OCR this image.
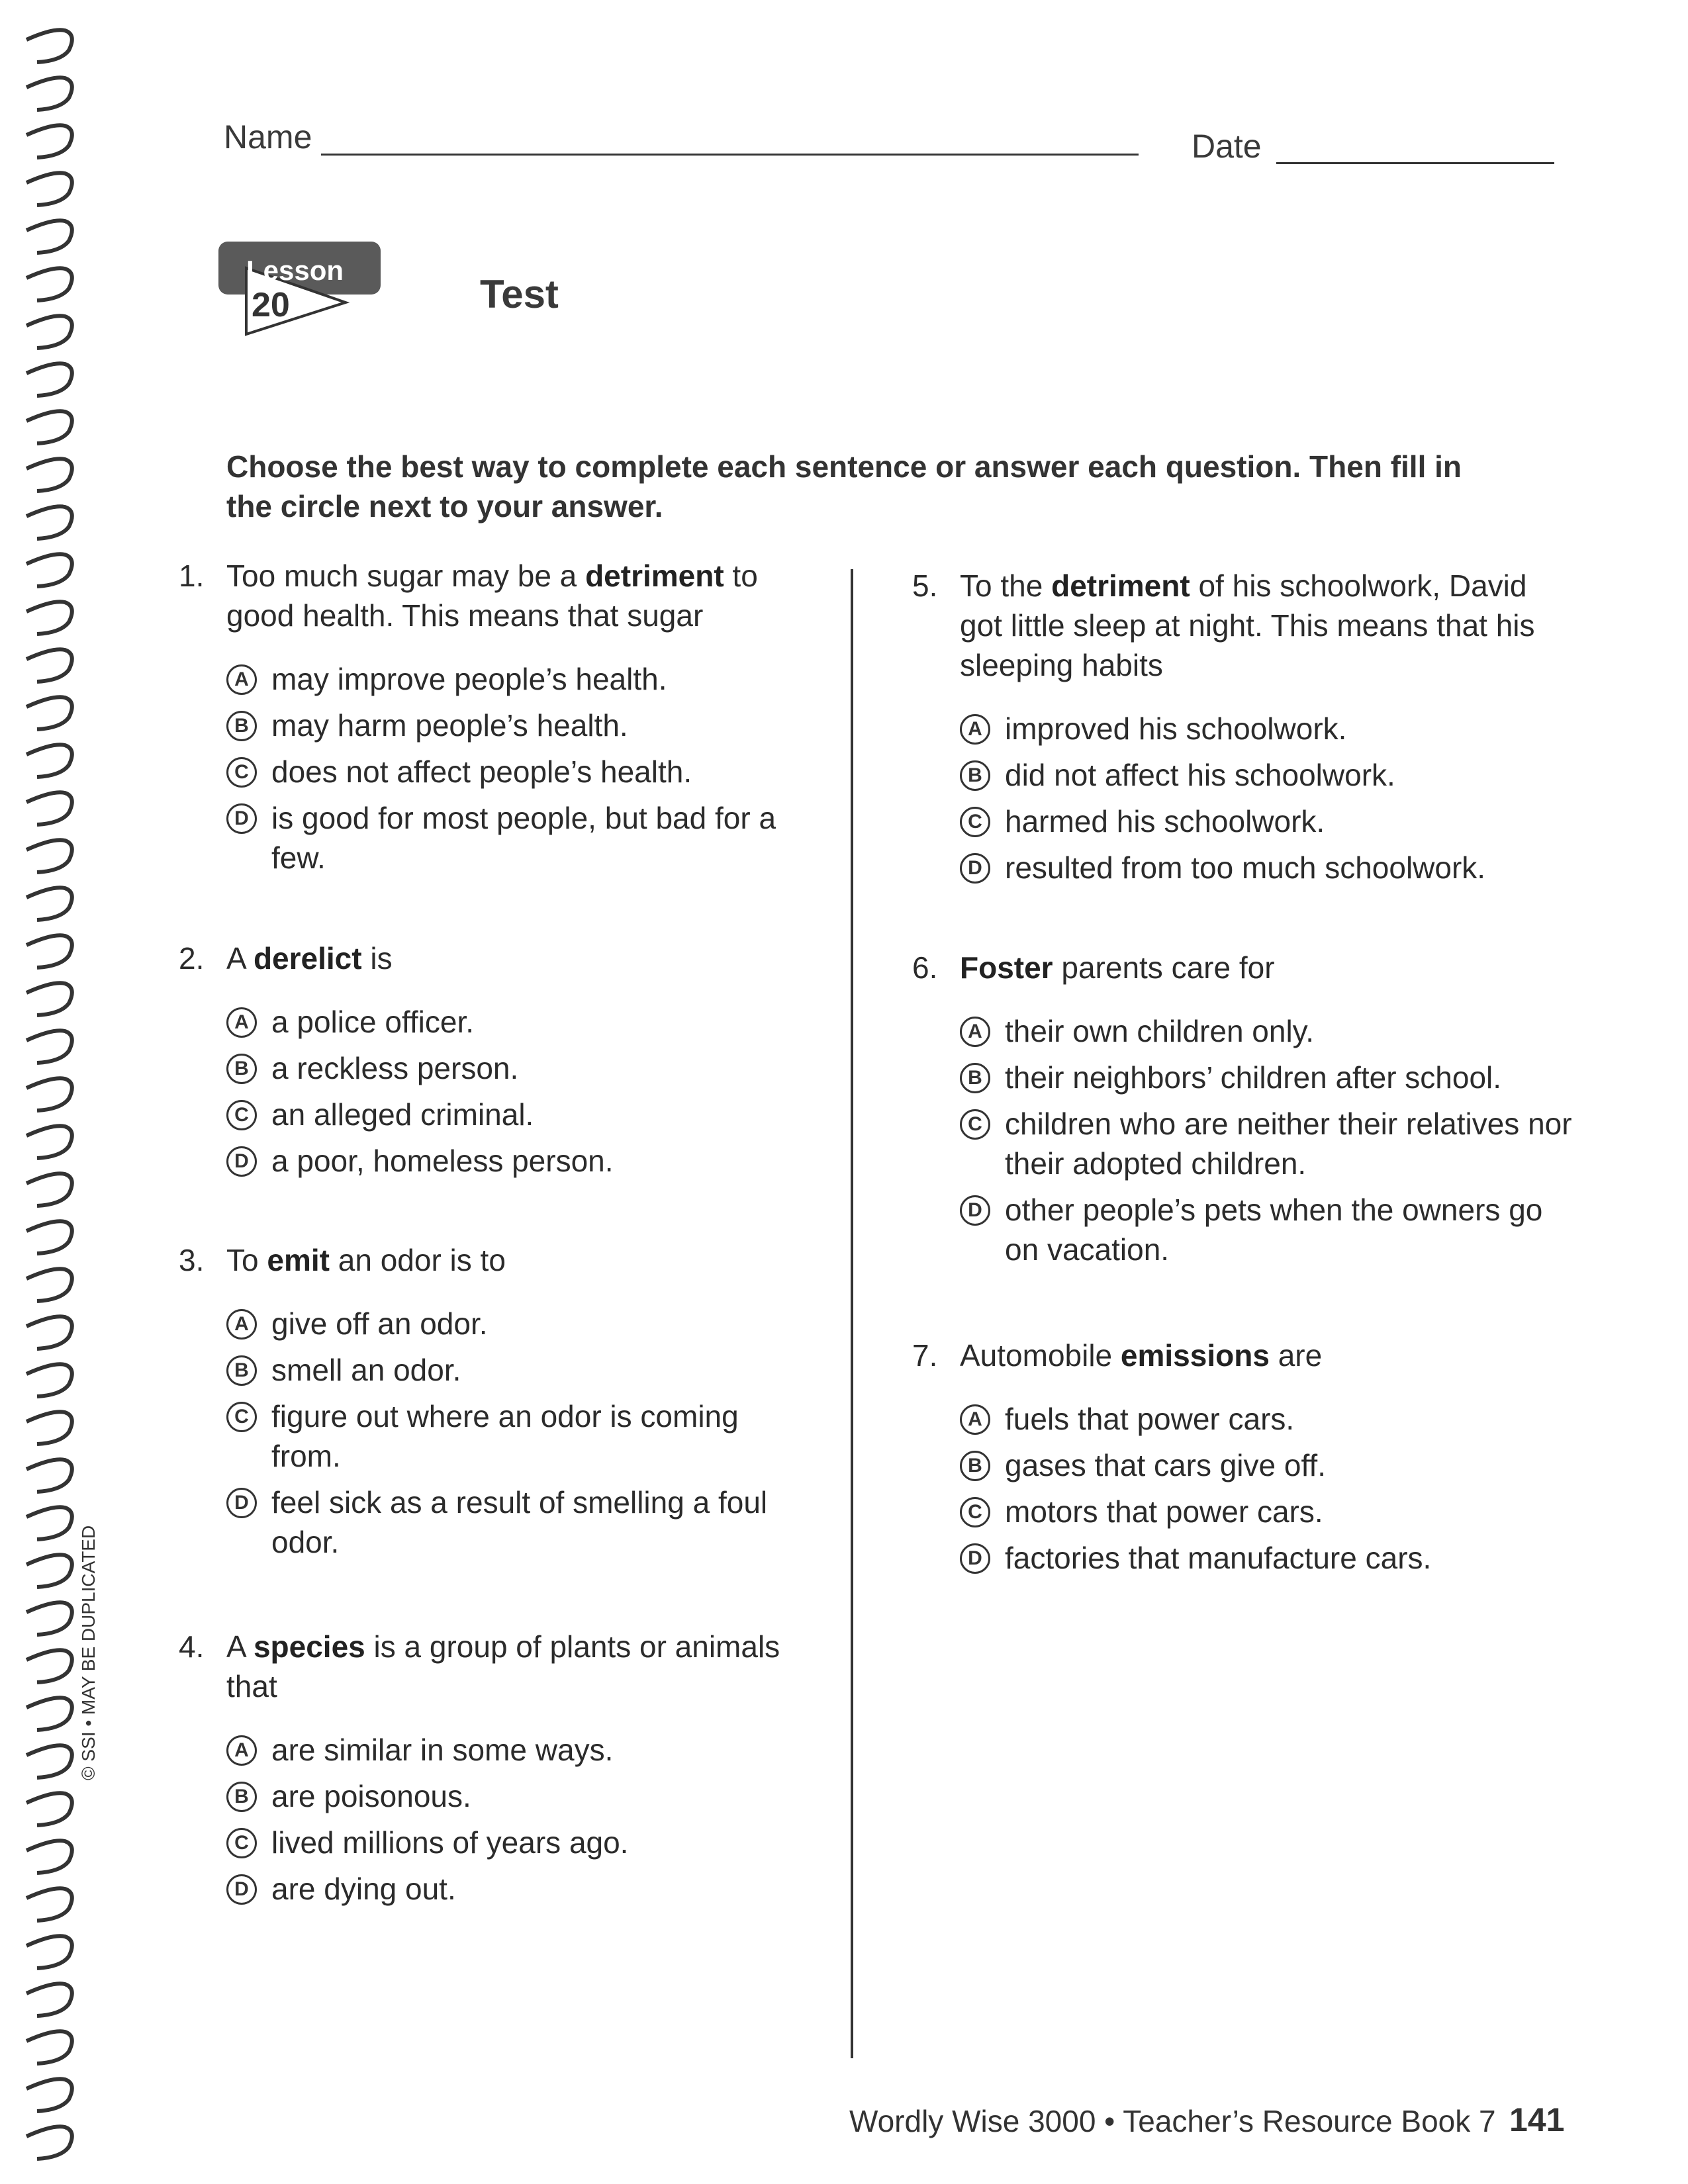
Name	Date
Lesson
20	Test
Choose the best way to complete each sentence or answer each question. Then fill in the circle next to your answer.
1. Too much sugar may be a detriment to good health. This means that sugar
A may improve people’s health.
B may harm people’s health.
C does not affect people’s health.
D is good for most people, but bad for a few.
2. A derelict is
A a police officer.
B a reckless person.
C an alleged criminal.
D a poor, homeless person.
3. To emit an odor is to
A give off an odor.
B smell an odor.
C figure out where an odor is coming from.
D feel sick as a result of smelling a foul odor.
4. A species is a group of plants or animals that
A are similar in some ways.
B are poisonous.
C lived millions of years ago.
D are dying out.
5. To the detriment of his schoolwork, David got little sleep at night. This means that his sleeping habits
A improved his schoolwork.
B did not affect his schoolwork.
C harmed his schoolwork.
D resulted from too much schoolwork.
6. Foster parents care for
A their own children only.
B their neighbors’ children after school.
C children who are neither their relatives nor their adopted children.
D other people’s pets when the owners go on vacation.
7. Automobile emissions are
A fuels that power cars.
B gases that cars give off.
C motors that power cars.
D factories that manufacture cars.
© SSI • MAY BE DUPLICATED
Wordly Wise 3000 • Teacher’s Resource Book 7 141
